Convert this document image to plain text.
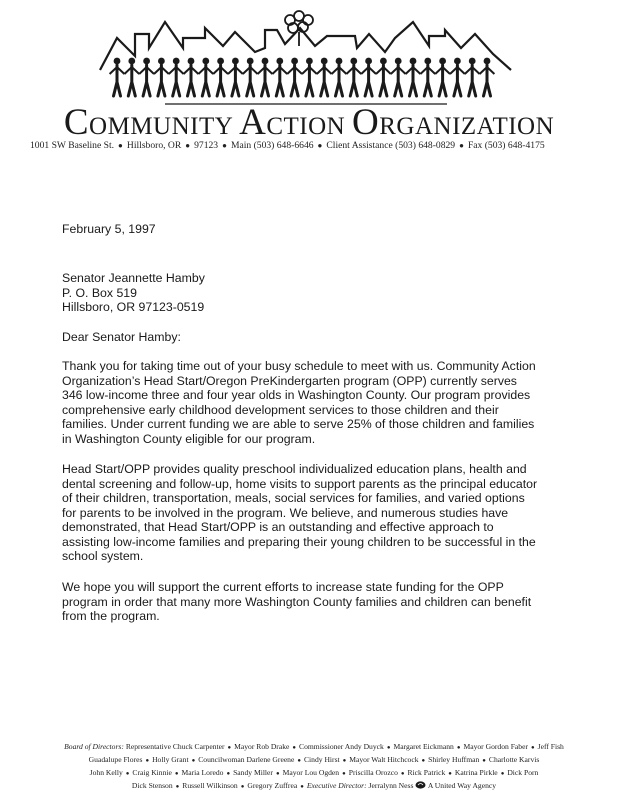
COMMUNITY ACTION ORGANIZATION
1001 SW Baseline St. ● Hillsboro, OR ● 97123 ● Main (503) 648-6646 ● Client Assistance (503) 648-0829 ● Fax (503) 648-4175

February 5, 1997

Senator Jeannette Hamby

P. O. Box 519

Hillsboro, OR 97123-0519

Dear Senator Hamby:

Thank you for taking time out of your busy schedule to meet with us. Community Action

Organization’s Head Start/Oregon PreKindergarten program (OPP) currently serves

346 low-income three and four year olds in Washington County. Our program provides

comprehensive early childhood development services to those children and their

families. Under current funding we are able to serve 25% of those children and families

in Washington County eligible for our program.

Head Start/OPP provides quality preschool individualized education plans, health and

dental screening and follow-up, home visits to support parents as the principal educator

of their children, transportation, meals, social services for families, and varied options

for parents to be involved in the program. We believe, and numerous studies have

demonstrated, that Head Start/OPP is an outstanding and effective approach to

assisting low-income families and preparing their young children to be successful in the

school system.

We hope you will support the current efforts to increase state funding for the OPP

program in order that many more Washington County families and children can benefit

from the program.

Board of Directors: Representative Chuck Carpenter ● Mayor Rob Drake ● Commissioner Andy Duyck ● Margaret Eickmann ● Mayor Gordon Faber ● Jeff Fish
Guadalupe Flores ● Holly Grant ● Councilwoman Darlene Greene ● Cindy Hirst ● Mayor Walt Hitchcock ● Shirley Huffman ● Charlotte Karvis
John Kelly ● Craig Kinnie ● Maria Loredo ● Sandy Miller ● Mayor Lou Ogden ● Priscilla Orozco ● Rick Patrick ● Katrina Pirkle ● Dick Porn
Dick Stenson ● Russell Wilkinson ● Gregory Zuffrea ● Executive Director: Jerralynn Ness A United Way Agency
